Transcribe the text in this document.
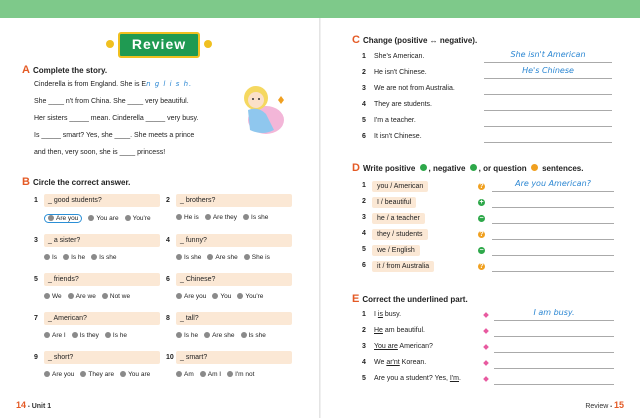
Review
A Complete the story.
Cinderella is from England. She is En g l i s h.
She ____ n't from China. She ____ very beautiful.
Her sisters _____ mean. Cinderella _____ very busy.
Is _____ smart? Yes, she ____. She meets a prince
and then, very soon, she is ____ princess!
B Circle the correct answer.
1	_ good students?
Are you	You are You're
2	_ brothers?
He is Are they Is she
3	_ a sister?
Is Is he Is she
4	_ funny?
Is she Are she She is
5	_ friends?
We Are we Not we
6	_ Chinese?
Are you You You're
7	_ American?
Are I Is they Is he
8	_ tall?
Is he Are she Is she
9	_ short?
Are you They are You are
10 _ smart?
Am Am I I'm not
C Change (positive ↔ negative).
1 She's American.	She isn't American
2 He isn't Chinese.	He's Chinese
3 We are not from Australia.
4 They are students.
5 I'm a teacher.
6 It isn't Chinese.
D Write positive , negative , or question  sentences.
1	you / American	?	Are you American?
2	I / beautiful	+
3	he / a teacher	−
4	they / students	?
5	we / English	−
6	it / from Australia	?
E Correct the underlined part.
1 I is busy.	I am busy.
2 He am beautiful.
3 You are American?
4 We ar'nt Korean.
5 Are you a student? Yes, I'm.
14 • Unit 1	Review • 15
